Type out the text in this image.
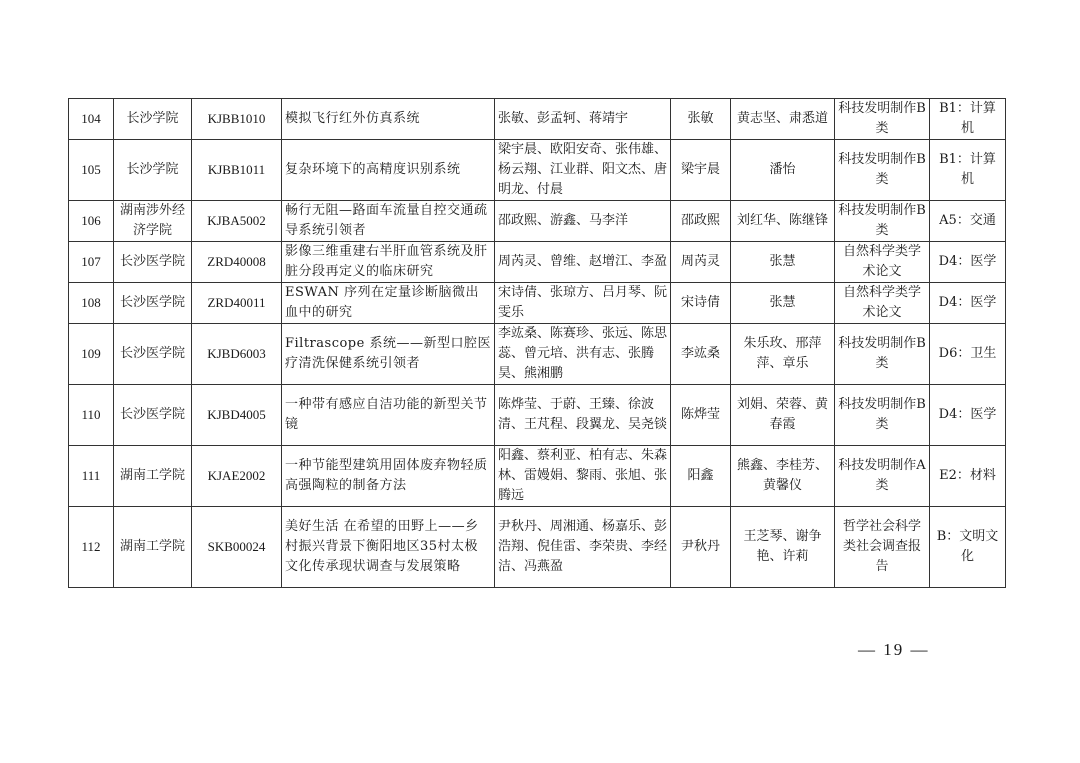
104	长沙学院	KJBB1010	模拟飞行红外仿真系统	张敏、彭孟轲、蒋靖宇	张敏	黄志坚、肃悉道	科技发明制作B类	B1：计算机
105	长沙学院	KJBB1011	复杂环境下的高精度识别系统	梁宇晨、欧阳安奇、张伟雄、杨云翔、江业群、阳文杰、唐明龙、付晨	梁宇晨	潘怡	科技发明制作B类	B1：计算机
106	湖南涉外经济学院	KJBA5002	畅行无阻—路面车流量自控交通疏导系统引领者	邵政熙、游鑫、马李洋	邵政熙	刘红华、陈继锋	科技发明制作B类	A5：交通
107	长沙医学院	ZRD40008	影像三维重建右半肝血管系统及肝脏分段再定义的临床研究	周芮灵、曾维、赵增江、李盈	周芮灵	张慧	自然科学类学术论文	D4：医学
108	长沙医学院	ZRD40011	ESWAN 序列在定量诊断脑微出血中的研究	宋诗倩、张琼方、吕月琴、阮雯乐	宋诗倩	张慧	自然科学类学术论文	D4：医学
109	长沙医学院	KJBD6003	Filtrascope 系统——新型口腔医疗清洗保健系统引领者	李竑桑、陈赛珍、张远、陈思蕊、曾元培、洪有志、张腾昊、熊湘鹏	李竑桑	朱乐玫、邢萍萍、章乐	科技发明制作B类	D6：卫生
110	长沙医学院	KJBD4005	一种带有感应自洁功能的新型关节镜	陈烨莹、于蔚、王臻、徐波清、王芃程、段翼龙、吴尧锬	陈烨莹	刘娟、荣蓉、黄春霞	科技发明制作B类	D4：医学
111	湖南工学院	KJAE2002	一种节能型建筑用固体废弃物轻质高强陶粒的制备方法	阳鑫、蔡利亚、柏有志、朱森林、雷嫚娟、黎雨、张旭、张腾远	阳鑫	熊鑫、李桂芳、黄馨仪	科技发明制作A类	E2：材料
112	湖南工学院	SKB00024	美好生活 在希望的田野上——乡村振兴背景下衡阳地区35村太极文化传承现状调查与发展策略	尹秋丹、周湘通、杨嘉乐、彭浩翔、倪佳雷、李荣贵、李经洁、冯燕盈	尹秋丹	王芝琴、谢争艳、许莉	哲学社会科学类社会调查报告	B：文明文化
— 19 —
